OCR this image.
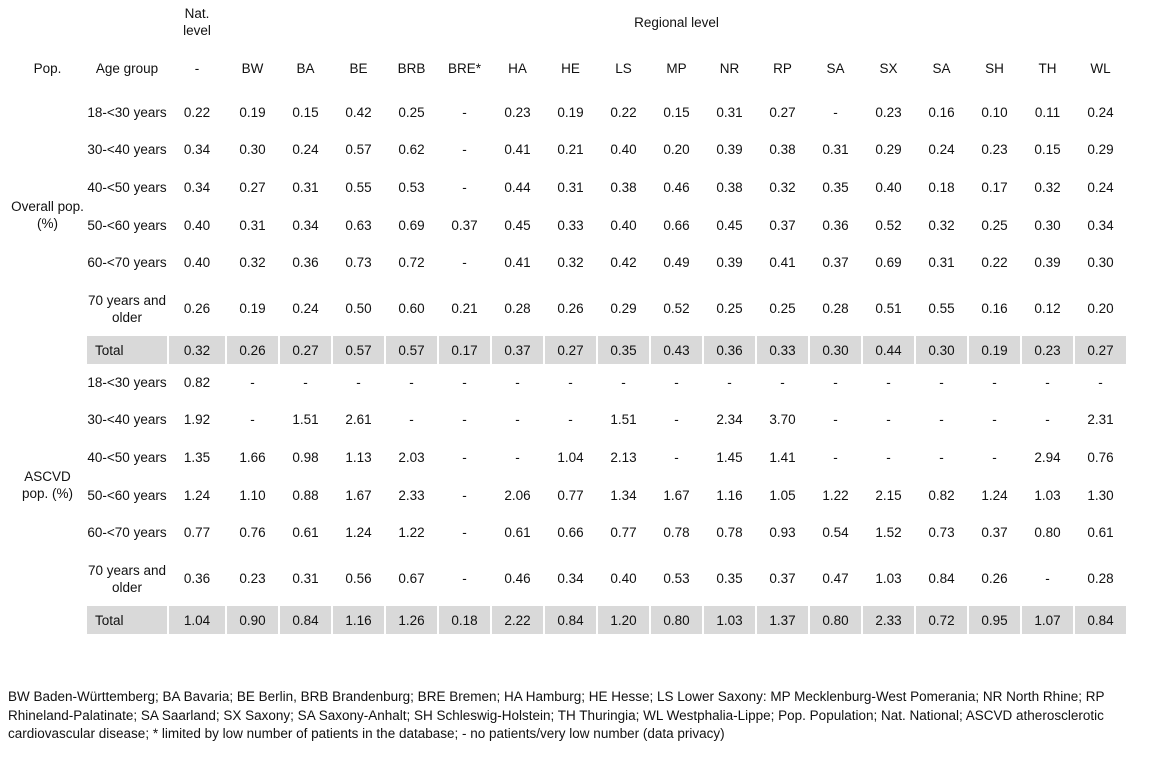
		Nat. level	Regional level																
Pop.	Age group	-	BW	BA	BE	BRB	BRE*	HA	HE	LS	MP	NR	RP	SA	SX	SA	SH	TH	WL
Overall pop. (%)	18-<30 years	0.22	0.19	0.15	0.42	0.25	-	0.23	0.19	0.22	0.15	0.31	0.27	-	0.23	0.16	0.10	0.11	0.24
	30-<40 years	0.34	0.30	0.24	0.57	0.62	-	0.41	0.21	0.40	0.20	0.39	0.38	0.31	0.29	0.24	0.23	0.15	0.29
	40-<50 years	0.34	0.27	0.31	0.55	0.53	-	0.44	0.31	0.38	0.46	0.38	0.32	0.35	0.40	0.18	0.17	0.32	0.24
	50-<60 years	0.40	0.31	0.34	0.63	0.69	0.37	0.45	0.33	0.40	0.66	0.45	0.37	0.36	0.52	0.32	0.25	0.30	0.34
	60-<70 years	0.40	0.32	0.36	0.73	0.72	-	0.41	0.32	0.42	0.49	0.39	0.41	0.37	0.69	0.31	0.22	0.39	0.30
	70 years and older	0.26	0.19	0.24	0.50	0.60	0.21	0.28	0.26	0.29	0.52	0.25	0.25	0.28	0.51	0.55	0.16	0.12	0.20
	Total	0.32	0.26	0.27	0.57	0.57	0.17	0.37	0.27	0.35	0.43	0.36	0.33	0.30	0.44	0.30	0.19	0.23	0.27
ASCVD pop. (%)	18-<30 years	0.82	-	-	-	-	-	-	-	-	-	-	-	-	-	-	-	-	-
	30-<40 years	1.92	-	1.51	2.61	-	-	-	-	1.51	-	2.34	3.70	-	-	-	-	-	2.31
	40-<50 years	1.35	1.66	0.98	1.13	2.03	-	-	1.04	2.13	-	1.45	1.41	-	-	-	-	2.94	0.76
	50-<60 years	1.24	1.10	0.88	1.67	2.33	-	2.06	0.77	1.34	1.67	1.16	1.05	1.22	2.15	0.82	1.24	1.03	1.30
	60-<70 years	0.77	0.76	0.61	1.24	1.22	-	0.61	0.66	0.77	0.78	0.78	0.93	0.54	1.52	0.73	0.37	0.80	0.61
	70 years and older	0.36	0.23	0.31	0.56	0.67	-	0.46	0.34	0.40	0.53	0.35	0.37	0.47	1.03	0.84	0.26	-	0.28
	Total	1.04	0.90	0.84	1.16	1.26	0.18	2.22	0.84	1.20	0.80	1.03	1.37	0.80	2.33	0.72	0.95	1.07	0.84
BW Baden-Württemberg; BA Bavaria; BE Berlin, BRB Brandenburg; BRE Bremen; HA Hamburg; HE Hesse; LS Lower Saxony: MP Mecklenburg-West Pomerania; NR North Rhine; RP Rhineland-Palatinate; SA Saarland; SX Saxony; SA Saxony-Anhalt; SH Schleswig-Holstein; TH Thuringia; WL Westphalia-Lippe; Pop. Population; Nat. National; ASCVD atherosclerotic cardiovascular disease; * limited by low number of patients in the database; - no patients/very low number (data privacy)
